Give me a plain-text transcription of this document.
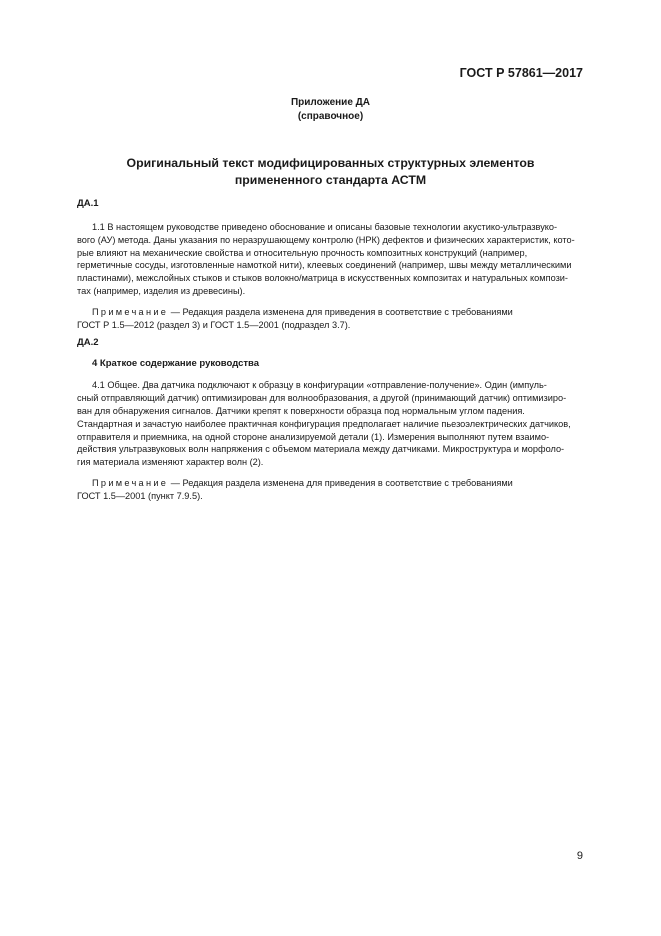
ГОСТ Р 57861—2017
Приложение ДА
(справочное)
Оригинальный текст модифицированных структурных элементов
примененного стандарта АСТМ
ДА.1

1.1 В настоящем руководстве приведено обоснование и описаны базовые технологии акустико-ультразвуко-

вого (АУ) метода. Даны указания по неразрушающему контролю (НРК) дефектов и физических характеристик, кото-

рые влияют на механические свойства и относительную прочность композитных конструкций (например,

герметичные сосуды, изготовленные намоткой нити), клеевых соединений (например, швы между металлическими

пластинами), межслойных стыков и стыков волокно/матрица в искусственных композитах и натуральных компози-

тах (например, изделия из древесины).

Примечание — Редакция раздела изменена для приведения в соответствие с требованиями

ГОСТ Р 1.5—2012 (раздел 3) и ГОСТ 1.5—2001 (подраздел 3.7).

ДА.2
4 Краткое содержание руководства

4.1 Общее. Два датчика подключают к образцу в конфигурации «отправление-получение». Один (импуль-

сный отправляющий датчик) оптимизирован для волнообразования, а другой (принимающий датчик) оптимизиро-

ван для обнаружения сигналов. Датчики крепят к поверхности образца под нормальным углом падения.

Стандартная и зачастую наиболее практичная конфигурация предполагает наличие пьезоэлектрических датчиков,

отправителя и приемника, на одной стороне анализируемой детали (1). Измерения выполняют путем взаимо-

действия ультразвуковых волн напряжения с объемом материала между датчиками. Микроструктура и морфоло-

гия материала изменяют характер волн (2).

Примечание — Редакция раздела изменена для приведения в соответствие с требованиями

ГОСТ 1.5—2001 (пункт 7.9.5).

9
